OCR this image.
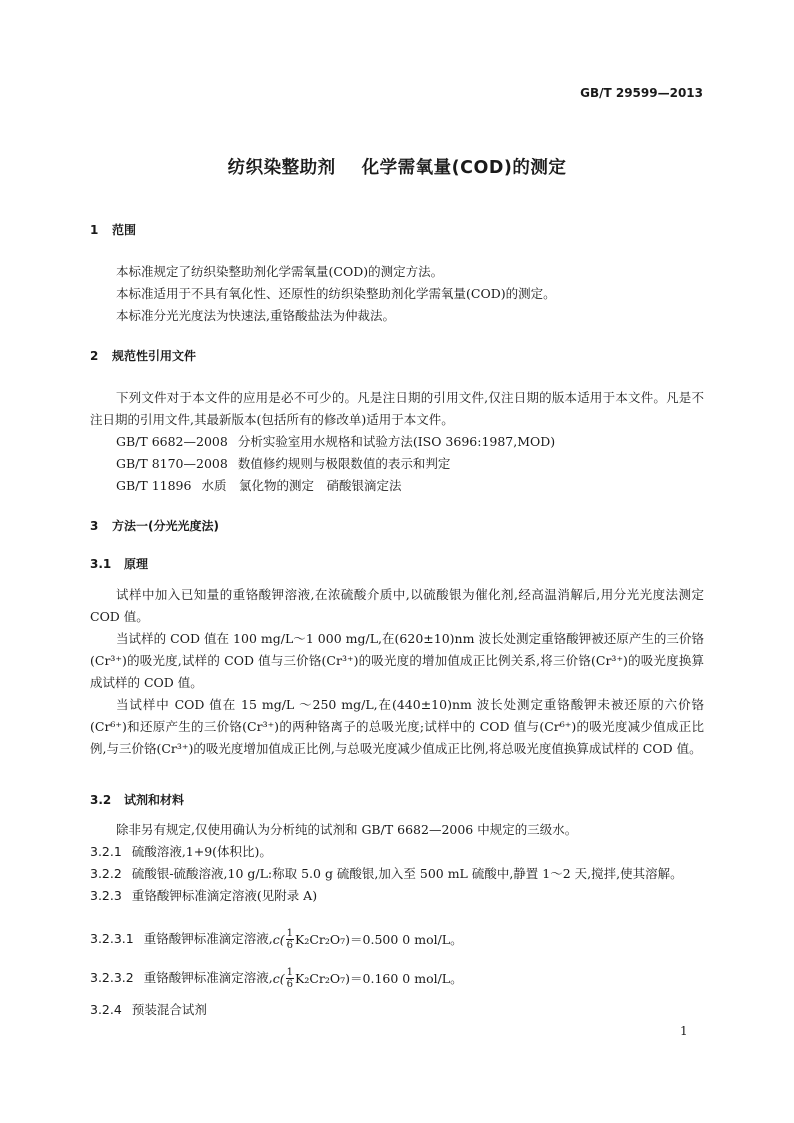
GB/T 29599—2013
纺织染整助剂 化学需氧量(COD)的测定
1 范围
本标准规定了纺织染整助剂化学需氧量(COD)的测定方法。
本标准适用于不具有氧化性、还原性的纺织染整助剂化学需氧量(COD)的测定。
本标准分光光度法为快速法,重铬酸盐法为仲裁法。
2 规范性引用文件
下列文件对于本文件的应用是必不可少的。凡是注日期的引用文件,仅注日期的版本适用于本文件。凡是不注日期的引用文件,其最新版本(包括所有的修改单)适用于本文件。
GB/T 6682—2008 分析实验室用水规格和试验方法(ISO 3696:1987,MOD)
GB/T 8170—2008 数值修约规则与极限数值的表示和判定
GB/T 11896 水质　氯化物的测定　硝酸银滴定法
3 方法一(分光光度法)
3.1 原理
试样中加入已知量的重铬酸钾溶液,在浓硫酸介质中,以硫酸银为催化剂,经高温消解后,用分光光度法测定 COD 值。
当试样的 COD 值在 100 mg/L～1 000 mg/L,在(620±10)nm 波长处测定重铬酸钾被还原产生的三价铬(Cr³⁺)的吸光度,试样的 COD 值与三价铬(Cr³⁺)的吸光度的增加值成正比例关系,将三价铬(Cr³⁺)的吸光度换算成试样的 COD 值。
当试样中 COD 值在 15 mg/L ～250 mg/L,在(440±10)nm 波长处测定重铬酸钾未被还原的六价铬(Cr⁶⁺)和还原产生的三价铬(Cr³⁺)的两种铬离子的总吸光度;试样中的 COD 值与(Cr⁶⁺)的吸光度减少值成正比例,与三价铬(Cr³⁺)的吸光度增加值成正比例,与总吸光度减少值成正比例,将总吸光度值换算成试样的 COD 值。
3.2 试剂和材料
除非另有规定,仅使用确认为分析纯的试剂和 GB/T 6682—2006 中规定的三级水。
3.2.1 硫酸溶液,1+9(体积比)。
3.2.2 硫酸银-硫酸溶液,10 g/L:称取 5.0 g 硫酸银,加入至 500 mL 硫酸中,静置 1～2 天,搅拌,使其溶解。
3.2.3 重铬酸钾标准滴定溶液(见附录 A)
3.2.3.1 重铬酸钾标准滴定溶液, $c( \frac{1}{6} K_2Cr_2O_7$ )＝0.500 0 mol/L。
3.2.3.2 重铬酸钾标准滴定溶液, $c( \frac{1}{6} K_2Cr_2O_7$ )＝0.160 0 mol/L。
3.2.4 预装混合试剂
1
